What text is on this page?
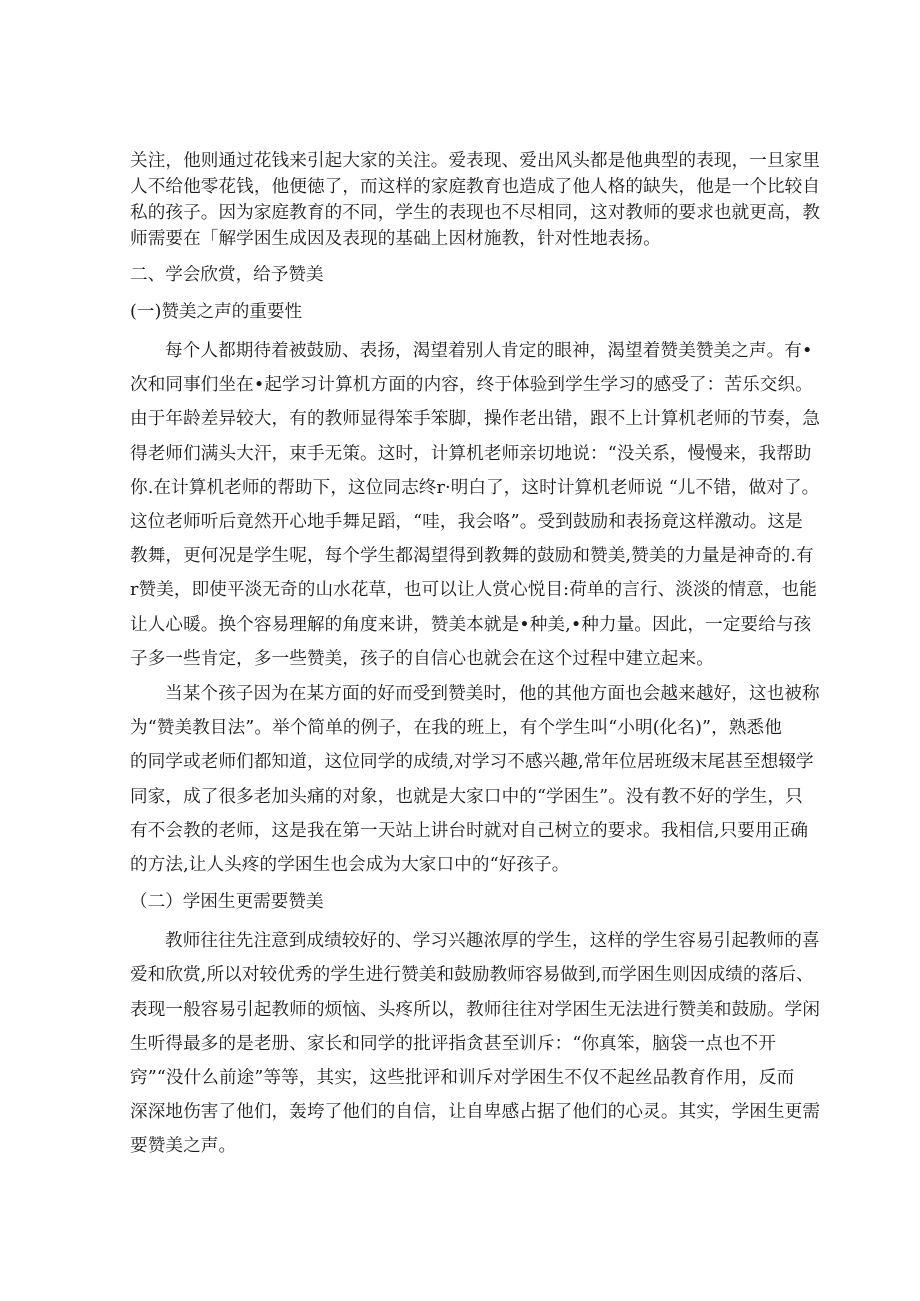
关注，他则通过花钱来引起大家的关注。爱表现、爱出风头都是他典型的表现，一旦家里
人不给他零花钱，他便徳了，而这样的家庭教育也造成了他人格的缺失，他是一个比较自
私的孩子。因为家庭教育的不同，学生的表现也不尽相同，这对教师的要求也就更高，教
师需要在「解学困生成因及表现的基础上因材施教，针对性地表扬。
二、学会欣赏，给予赞美
(一)赞美之声的重要性
每个人都期待着被鼓励、表扬，渴望着别人肯定的眼神，渴望着赞美赞美之声。有•
次和同事们坐在•起学习计算机方面的内容，终于体验到学生学习的感受了：苦乐交织。
由于年龄差异较大，有的教师显得笨手笨脚，操作老出错，跟不上计算机老师的节奏，急
得老师们满头大汗，束手无策。这时，计算机老师亲切地说：“没关系，慢慢来，我帮助
你.在计算机老师的帮助下，这位同志终r·明白了，这时计算机老师说 “儿不错，做对了。
这位老师听后竟然开心地手舞足蹈，“哇，我会咯”。受到鼓励和表扬竟这样激动。这是
教舞，更何况是学生呢，每个学生都渴望得到教舞的鼓励和赞美,赞美的力量是神奇的.有
r赞美，即使平淡无奇的山水花草，也可以让人赏心悦目:荷单的言行、淡淡的情意，也能
让人心暖。换个容易理解的角度来讲，赞美本就是•种美,•种力量。因此，一定要给与孩
子多一些肯定，多一些赞美，孩子的自信心也就会在这个过程中建立起来。
当某个孩子因为在某方面的好而受到赞美时，他的其他方面也会越来越好，这也被称
为“赞美教目法”。举个简单的例子，在我的班上，有个学生叫“小明(化名)”，熟悉他
的同学或老师们都知道，这位同学的成绩,对学习不感兴趣,常年位居班级末尾甚至想辍学
同家，成了很多老加头痛的对象，也就是大家口中的“学困生”。没有教不好的学生，只
有不会教的老师，这是我在第一天站上讲台时就对自己树立的要求。我相信,只要用正确
的方法,让人头疼的学困生也会成为大家口中的“好孩子。
（二）学困生更需要赞美
教师往往先注意到成绩较好的、学习兴趣浓厚的学生，这样的学生容易引起教师的喜
爱和欣赏,所以对较优秀的学生进行赞美和鼓励教师容易做到,而学困生则因成绩的落后、
表现一般容易引起教师的烦恼、头疼所以，教师往往对学困生无法进行赞美和鼓励。学闲
生听得最多的是老册、家长和同学的批评指贪甚至训斥：“你真笨，脑袋一点也不开
窍”“没什么前途”等等，其实，这些批评和训斥对学困生不仅不起丝品教育作用，反而
深深地伤害了他们，轰垮了他们的自信，让自卑感占据了他们的心灵。其实，学困生更需
要赞美之声。
